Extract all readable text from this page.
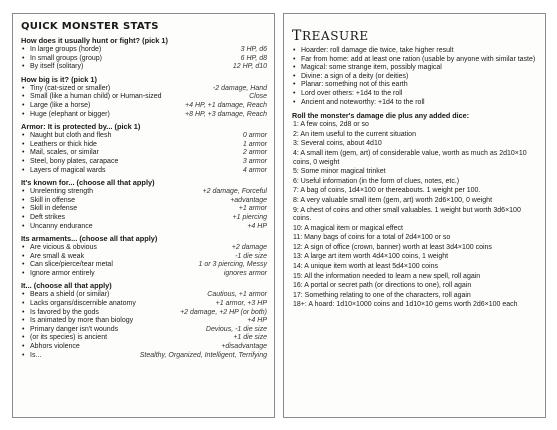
QUICK MONSTER STATS
How does it usually hunt or fight? (pick 1)
• In large groups (horde)	3 HP, d6
• In small groups (group)	6 HP, d8
• By itself (solitary)	12 HP, d10
How big is it? (pick 1)
• Tiny (cat-sized or smaller)	-2 damage, Hand
• Small (like a human child) or Human-sized	Close
• Large (like a horse)	+4 HP, +1 damage, Reach
• Huge (elephant or bigger)	+8 HP, +3 damage, Reach
Armor: It is protected by... (pick 1)
• Naught but cloth and flesh	0 armor
• Leathers or thick hide	1 armor
• Mail, scales, or similar	2 armor
• Steel, bony plates, carapace	3 armor
• Layers of magical wards	4 armor
It's known for... (choose all that apply)
• Unrelenting strength	+2 damage, Forceful
• Skill in offense	+advantage
• Skill in defense	+1 armor
• Deft strikes	+1 piercing
• Uncanny endurance	+4 HP
Its armaments... (choose all that apply)
• Are vicious & obvious	+2 damage
• Are small & weak	-1 die size
• Can slice/pierce/tear metal	1 or 3 piercing, Messy
• Ignore armor entirely	ignores armor
It... (choose all that apply)
• Bears a shield (or similar)	Cautious, +1 armor
• Lacks organs/discernible anatomy	+1 armor, +3 HP
• Is favored by the gods	+2 damage, +2 HP (or both)
• Is animated by more than biology	+4 HP
• Primary danger isn't wounds	Devious, -1 die size
• (or its species) is ancient	+1 die size
• Abhors violence	+disadvantage
• Is...	Stealthy, Organized, Intelligent, Terrifying
TREASURE
• Hoarder: roll damage die twice, take higher result
• Far from home: add at least one ration (usable by anyone with similar taste)
• Magical: some strange item, possibly magical
• Divine: a sign of a deity (or deities)
• Planar: something not of this earth
• Lord over others: +1d4 to the roll
• Ancient and noteworthy: +1d4 to the roll
Roll the monster's damage die plus any added dice:
1: A few coins, 2d8 or so
2: An item useful to the current situation
3: Several coins, about 4d10
4: A small item (gem, art) of considerable value, worth as much as 2d10×10 coins, 0 weight
5: Some minor magical trinket
6: Useful information (in the form of clues, notes, etc.)
7: A bag of coins, 1d4×100 or thereabouts. 1 weight per 100.
8: A very valuable small item (gem, art) worth 2d6×100, 0 weight
9: A chest of coins and other small valuables. 1 weight but worth 3d6×100 coins.
10: A magical item or magical effect
11: Many bags of coins for a total of 2d4×100 or so
12: A sign of office (crown, banner) worth at least 3d4×100 coins
13: A large art item worth 4d4×100 coins, 1 weight
14: A unique item worth at least 5d4×100 coins
15: All the information needed to learn a new spell, roll again
16: A portal or secret path (or directions to one), roll again
17: Something relating to one of the characters, roll again
18+: A hoard: 1d10×1000 coins and 1d10×10 gems worth 2d6×100 each
